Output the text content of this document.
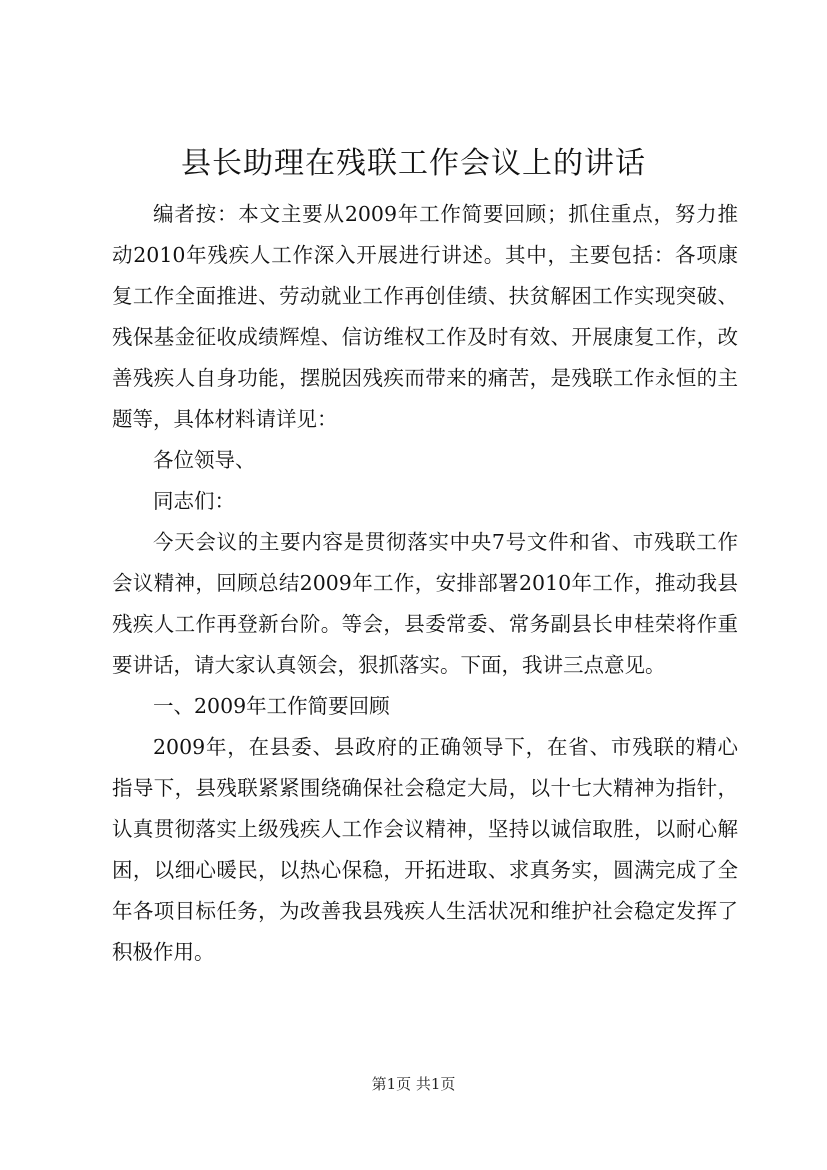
县长助理在残联工作会议上的讲话

编者按：本文主要从2009年工作简要回顾；抓住重点，努力推动2010年残疾人工作深入开展进行讲述。其中，主要包括：各项康复工作全面推进、劳动就业工作再创佳绩、扶贫解困工作实现突破、残保基金征收成绩辉煌、信访维权工作及时有效、开展康复工作，改善残疾人自身功能，摆脱因残疾而带来的痛苦，是残联工作永恒的主题等，具体材料请详见：

各位领导、

同志们：

今天会议的主要内容是贯彻落实中央7号文件和省、市残联工作会议精神，回顾总结2009年工作，安排部署2010年工作，推动我县残疾人工作再登新台阶。等会，县委常委、常务副县长申桂荣将作重要讲话，请大家认真领会，狠抓落实。下面，我讲三点意见。

一、2009年工作简要回顾

2009年，在县委、县政府的正确领导下，在省、市残联的精心指导下，县残联紧紧围绕确保社会稳定大局，以十七大精神为指针，认真贯彻落实上级残疾人工作会议精神，坚持以诚信取胜，以耐心解困，以细心暖民，以热心保稳，开拓进取、求真务实，圆满完成了全年各项目标任务，为改善我县残疾人生活状况和维护社会稳定发挥了积极作用。

第1页 共1页
